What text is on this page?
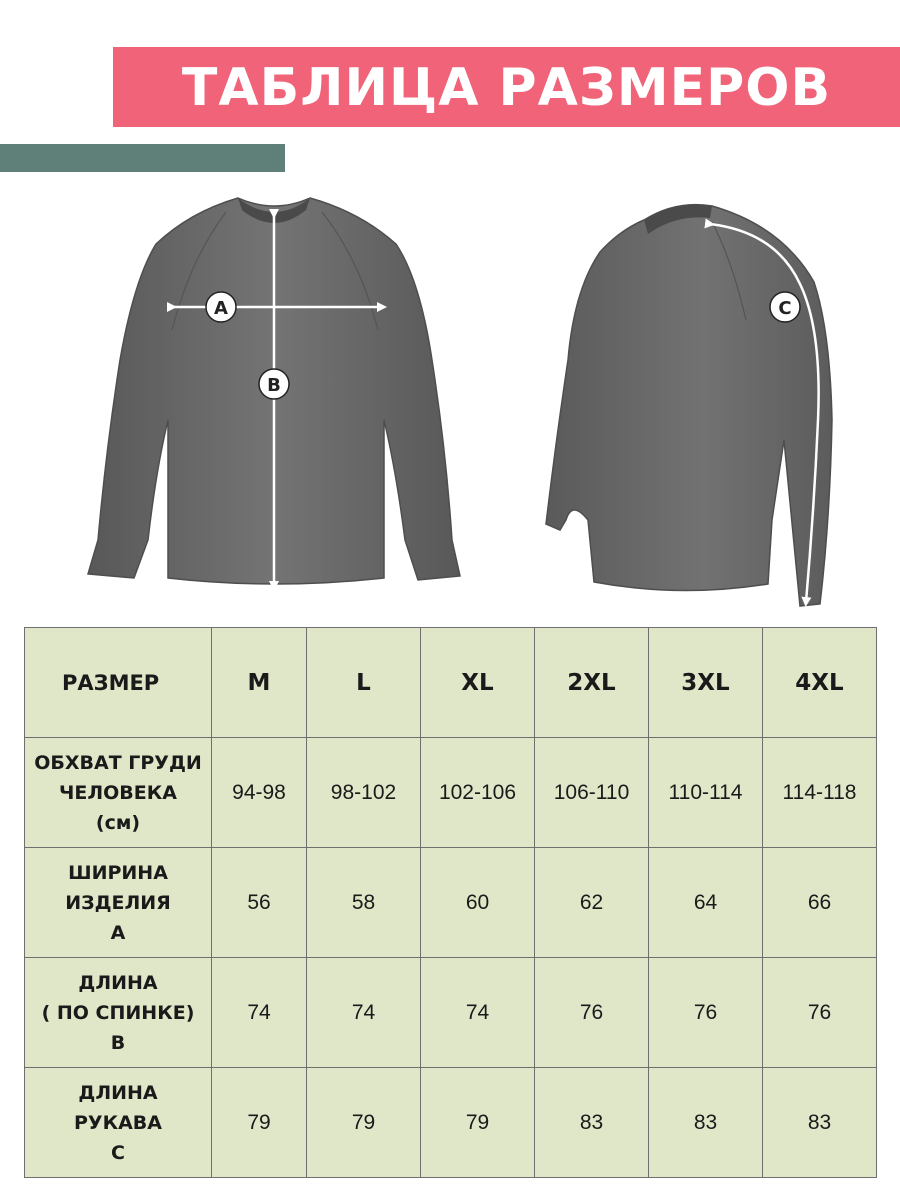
ТАБЛИЦА РАЗМЕРОВ
A
B
C
РАЗМЕР	M	L	XL	2XL	3XL	4XL

ОБХВАТ ГРУДИ
ЧЕЛОВЕКА
(см)	94-98	98-102	102-106	106-110	110-114	114-118

ШИРИНА
ИЗДЕЛИЯ
А	56	58	60	62	64	66

ДЛИНА
( ПО СПИНКЕ)
В	74	74	74	76	76	76

ДЛИНА
РУКАВА
С	79	79	79	83	83	83
